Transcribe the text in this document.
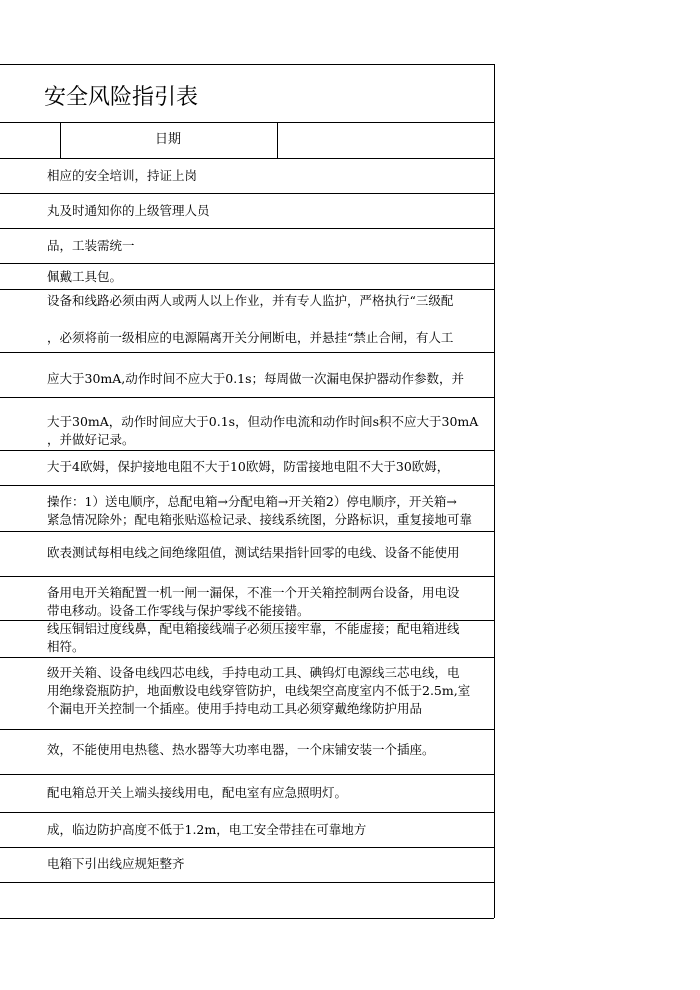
安全风险指引表
日期
相应的安全培训，持证上岗
丸及时通知你的上级管理人员
品，工装需统一
佩戴工具包。
设备和线路必须由两人或两人以上作业，并有专人监护，严格执行“三级配
，必须将前一级相应的电源隔离开关分闸断电，并悬挂“禁止合闸，有人工
应大于30mA,动作时间不应大于0.1s；每周做一次漏电保护器动作参数，并
大于30mA，动作时间应大于0.1s，但动作电流和动作时间s积不应大于30mA
，并做好记录。
大于4欧姆，保护接地电阻不大于10欧姆，防雷接地电阻不大于30欧姆，
操作：1）送电顺序，总配电箱→分配电箱→开关箱2）停电顺序，开关箱→
紧急情况除外；配电箱张贴巡检记录、接线系统图，分路标识，重复接地可靠
欧表测试每相电线之间绝缘阻值，测试结果指针回零的电线、设备不能使用
备用电开关箱配置一机一闸一漏保，不准一个开关箱控制两台设备，用电设
带电移动。设备工作零线与保护零线不能接错。
线压铜铝过度线鼻，配电箱接线端子必须压接牢靠，不能虚接；配电箱进线
相符。
级开关箱、设备电线四芯电线，手持电动工具、碘钨灯电源线三芯电线，电
用绝缘瓷瓶防护，地面敷设电线穿管防护，电线架空高度室内不低于2.5m,室
个漏电开关控制一个插座。使用手持电动工具必须穿戴绝缘防护用品
效，不能使用电热毯、热水器等大功率电器，一个床铺安装一个插座。
配电箱总开关上端头接线用电，配电室有应急照明灯。
成，临边防护高度不低于1.2m，电工安全带挂在可靠地方
电箱下引出线应规矩整齐
